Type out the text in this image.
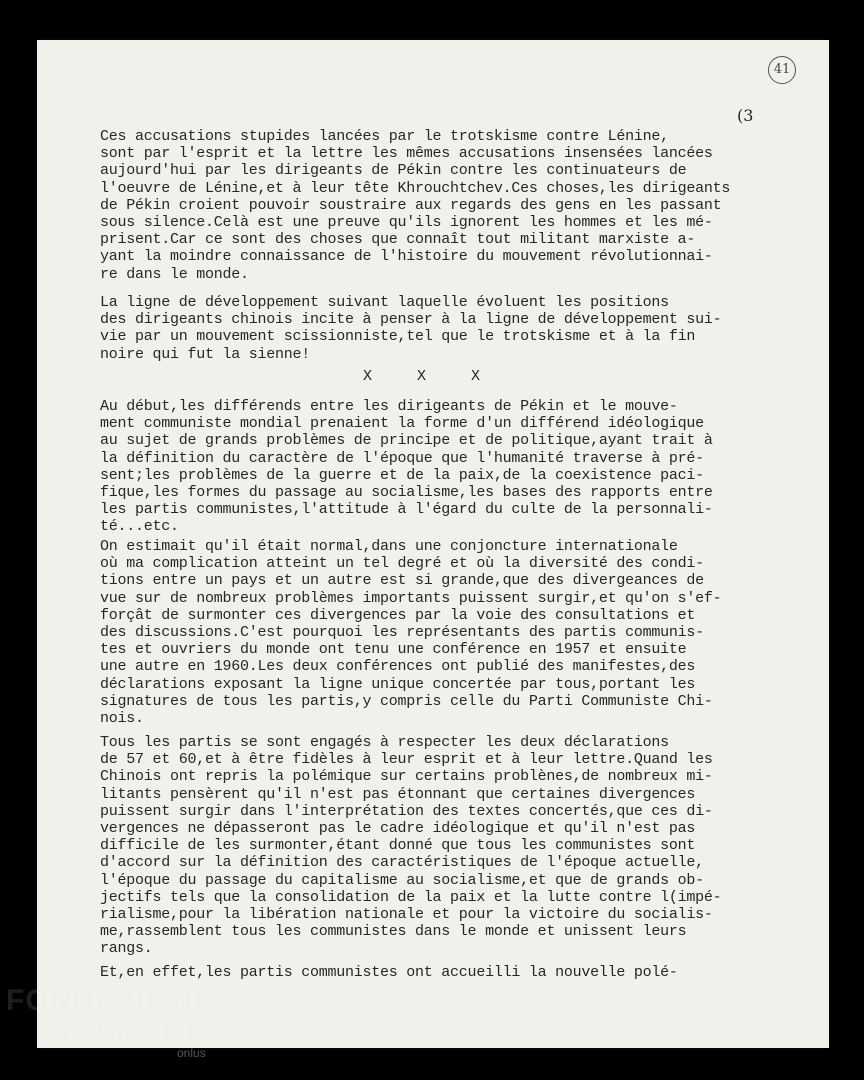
41
(3

Ces accusations stupides lancées par le trotskisme contre Lénine,
sont par l'esprit et la lettre les mêmes accusations insensées lancées
aujourd'hui par les dirigeants de Pékin contre les continuateurs de
l'oeuvre de Lénine,et à leur tête Khrouchtchev.Ces choses,les dirigeants
de Pékin croient pouvoir soustraire aux regards des gens en les passant
sous silence.Celà est une preuve qu'ils ignorent les hommes et les mé-
prisent.Car ce sont des choses que connaît tout militant marxiste a-
yant la moindre connaissance de l'histoire du mouvement révolutionnai-
re dans le monde.

La ligne de développement suivant laquelle évoluent les positions
des dirigeants chinois incite à penser à la ligne de développement sui-
vie par un mouvement scissionniste,tel que le trotskisme et à la fin
noire qui fut la sienne!

X     X     X

Au début,les différends entre les dirigeants de Pékin et le mouve-
ment communiste mondial prenaient la forme d'un différend idéologique
au sujet de grands problèmes de principe et de politique,ayant trait à
la définition du caractère de l'époque que l'humanité traverse à pré-
sent;les problèmes de la guerre et de la paix,de la coexistence paci-
fique,les formes du passage au socialisme,les bases des rapports entre
les partis communistes,l'attitude à l'égard du culte de la personnali-
té...etc.

On estimait qu'il était normal,dans une conjoncture internationale
où ma complication atteint un tel degré et où la diversité des condi-
tions entre un pays et un autre est si grande,que des divergeances de
vue sur de nombreux problèmes importants puissent surgir,et qu'on s'ef-
forçât de surmonter ces divergences par la voie des consultations et
des discussions.C'est pourquoi les représentants des partis communis-
tes et ouvriers du monde ont tenu une conférence en 1957 et ensuite
une autre en 1960.Les deux conférences ont publié des manifestes,des
déclarations exposant la ligne unique concertée par tous,portant les
signatures de tous les partis,y compris celle du Parti Communiste Chi-
nois.

Tous les partis se sont engagés à respecter les deux déclarations
de 57 et 60,et à être fidèles à leur esprit et à leur lettre.Quand les
Chinois ont repris la polémique sur certains problènes,de nombreux mi-
litants pensèrent qu'il n'est pas étonnant que certaines divergences
puissent surgir dans l'interprétation des textes concertés,que ces di-
vergences ne dépasseront pas le cadre idéologique et qu'il n'est pas
difficile de les surmonter,étant donné que tous les communistes sont
d'accord sur la définition des caractéristiques de l'époque actuelle,
l'époque du passage du capitalisme au socialisme,et que de grands ob-
jectifs tels que la consolidation de la paix et la lutte contre l(impé-
rialisme,pour la libération nationale et pour la victoire du socialis-
me,rassemblent tous les communistes dans le monde et unissent leurs
rangs.

Et,en effet,les partis communistes ont accueilli la nouvelle polé-

FONDAZIONE
GRAMSCI
onlus
